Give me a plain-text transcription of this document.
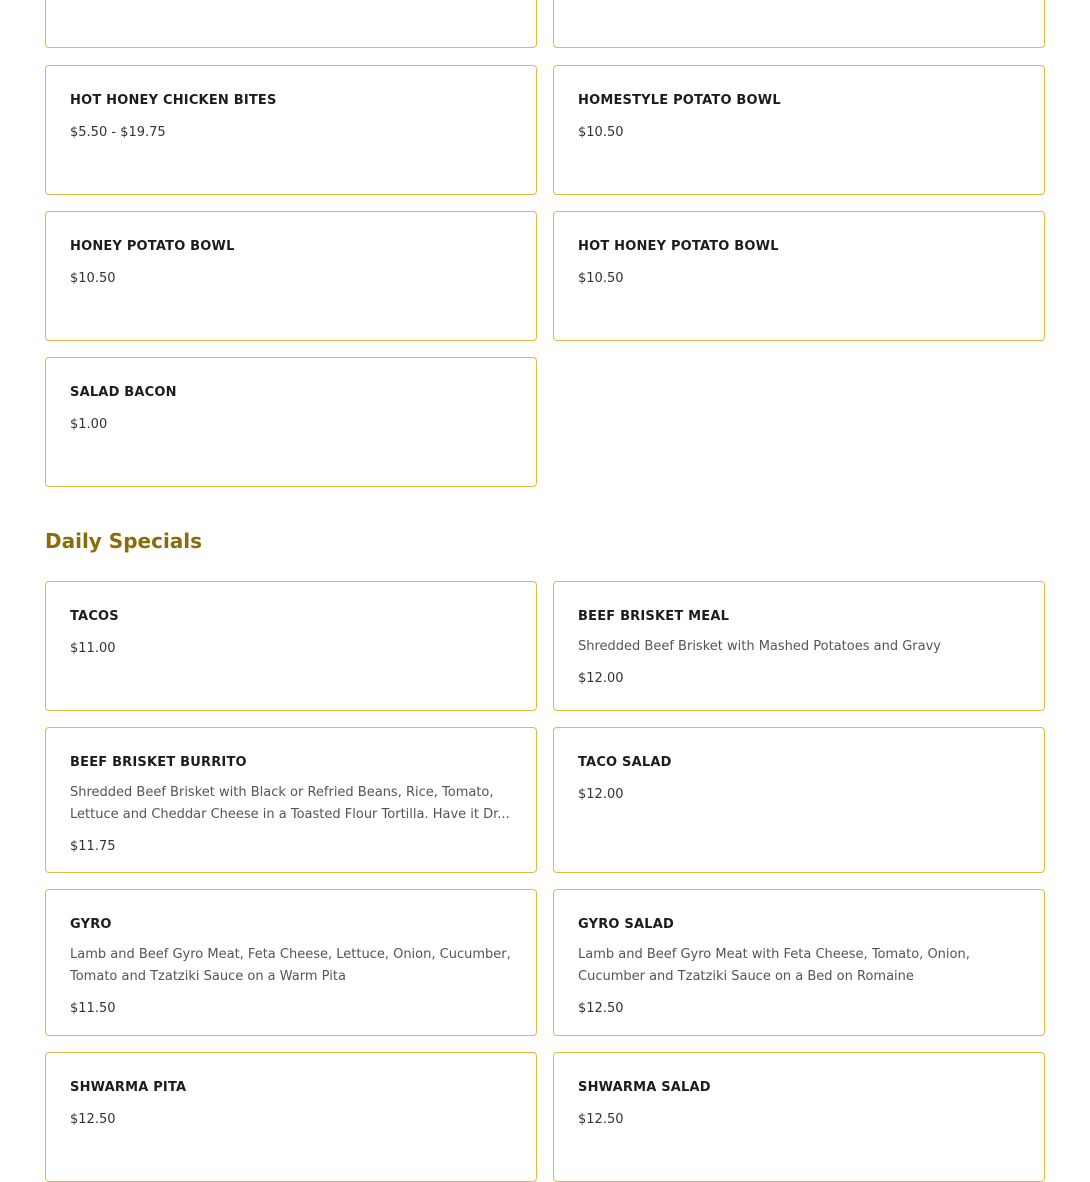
HOT HONEY CHICKEN BITES
$5.50 - $19.75
HOMESTYLE POTATO BOWL
$10.50
HONEY POTATO BOWL
$10.50
HOT HONEY POTATO BOWL
$10.50
SALAD BACON
$1.00
Daily Specials
TACOS
$11.00
BEEF BRISKET MEAL
Shredded Beef Brisket with Mashed Potatoes and Gravy
$12.00
BEEF BRISKET BURRITO
Shredded Beef Brisket with Black or Refried Beans, Rice, Tomato, Lettuce and Cheddar Cheese in a Toasted Flour Tortilla. Have it Dr...
$11.75
TACO SALAD
$12.00
GYRO
Lamb and Beef Gyro Meat, Feta Cheese, Lettuce, Onion, Cucumber, Tomato and Tzatziki Sauce on a Warm Pita
$11.50
GYRO SALAD
Lamb and Beef Gyro Meat with Feta Cheese, Tomato, Onion, Cucumber and Tzatziki Sauce on a Bed on Romaine
$12.50
SHWARMA PITA
$12.50
SHWARMA SALAD
$12.50
